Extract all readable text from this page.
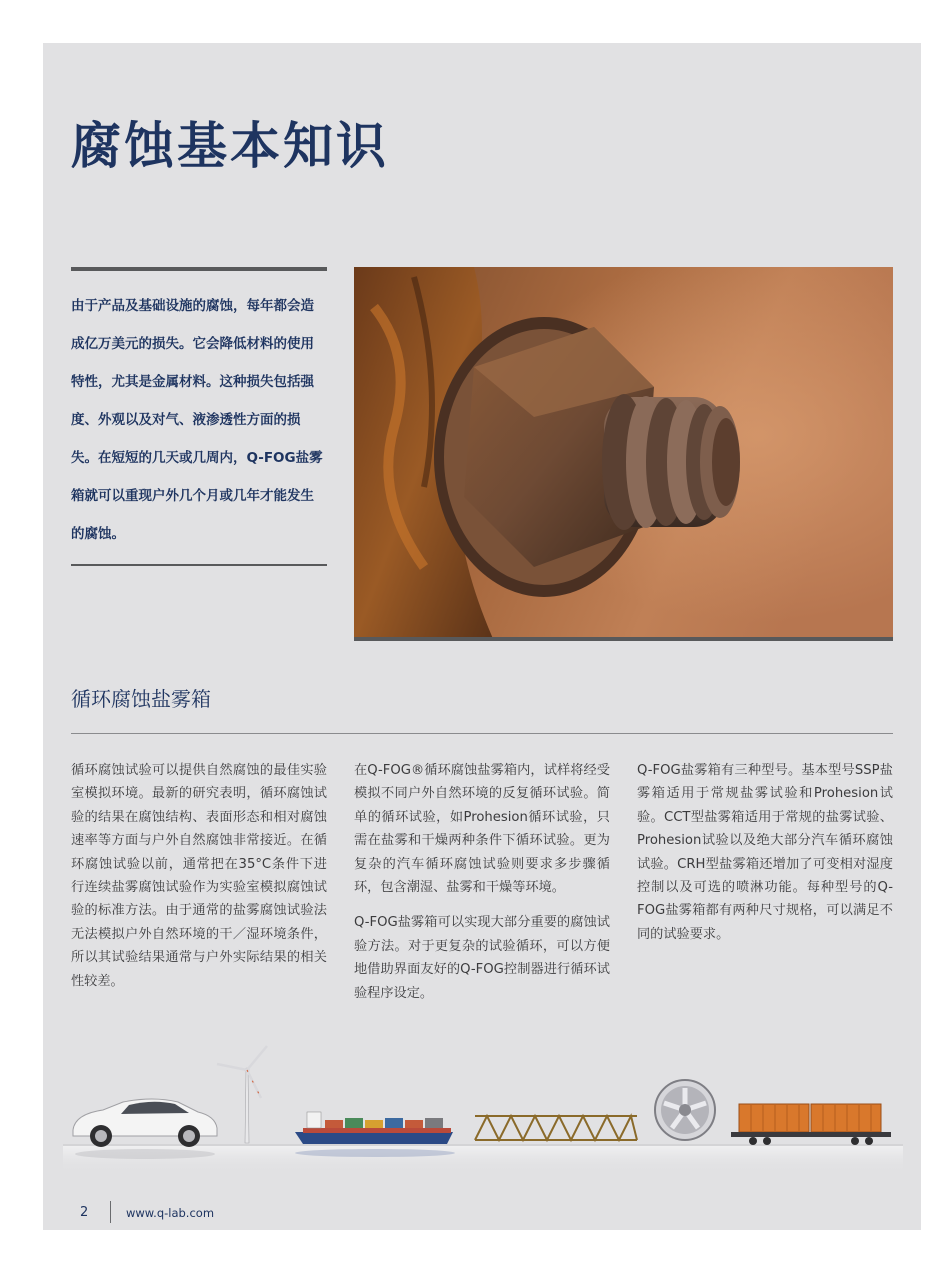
腐蚀基本知识

由于产品及基础设施的腐蚀，每年都会造成亿万美元的损失。它会降低材料的使用特性，尤其是金属材料。这种损失包括强度、外观以及对气、液渗透性方面的损失。在短短的几天或几周内，Q-FOG盐雾箱就可以重现户外几个月或几年才能发生的腐蚀。

循环腐蚀盐雾箱

循环腐蚀试验可以提供自然腐蚀的最佳实验室模拟环境。最新的研究表明，循环腐蚀试验的结果在腐蚀结构、表面形态和相对腐蚀速率等方面与户外自然腐蚀非常接近。在循环腐蚀试验以前，通常把在35°C条件下进行连续盐雾腐蚀试验作为实验室模拟腐蚀试验的标准方法。由于通常的盐雾腐蚀试验法无法模拟户外自然环境的干／湿环境条件，所以其试验结果通常与户外实际结果的相关性较差。

在Q-FOG®循环腐蚀盐雾箱内，试样将经受模拟不同户外自然环境的反复循环试验。简单的循环试验，如Prohesion循环试验，只需在盐雾和干燥两种条件下循环试验。更为复杂的汽车循环腐蚀试验则要求多步骤循环，包含潮湿、盐雾和干燥等环境。

Q-FOG盐雾箱可以实现大部分重要的腐蚀试验方法。对于更复杂的试验循环，可以方便地借助界面友好的Q-FOG控制器进行循环试验程序设定。

Q-FOG盐雾箱有三种型号。基本型号SSP盐雾箱适用于常规盐雾试验和Prohesion试验。CCT型盐雾箱适用于常规的盐雾试验、Prohesion试验以及绝大部分汽车循环腐蚀试验。CRH型盐雾箱还增加了可变相对湿度控制以及可选的喷淋功能。每种型号的Q-FOG盐雾箱都有两种尺寸规格，可以满足不同的试验要求。

2	www.q-lab.com
